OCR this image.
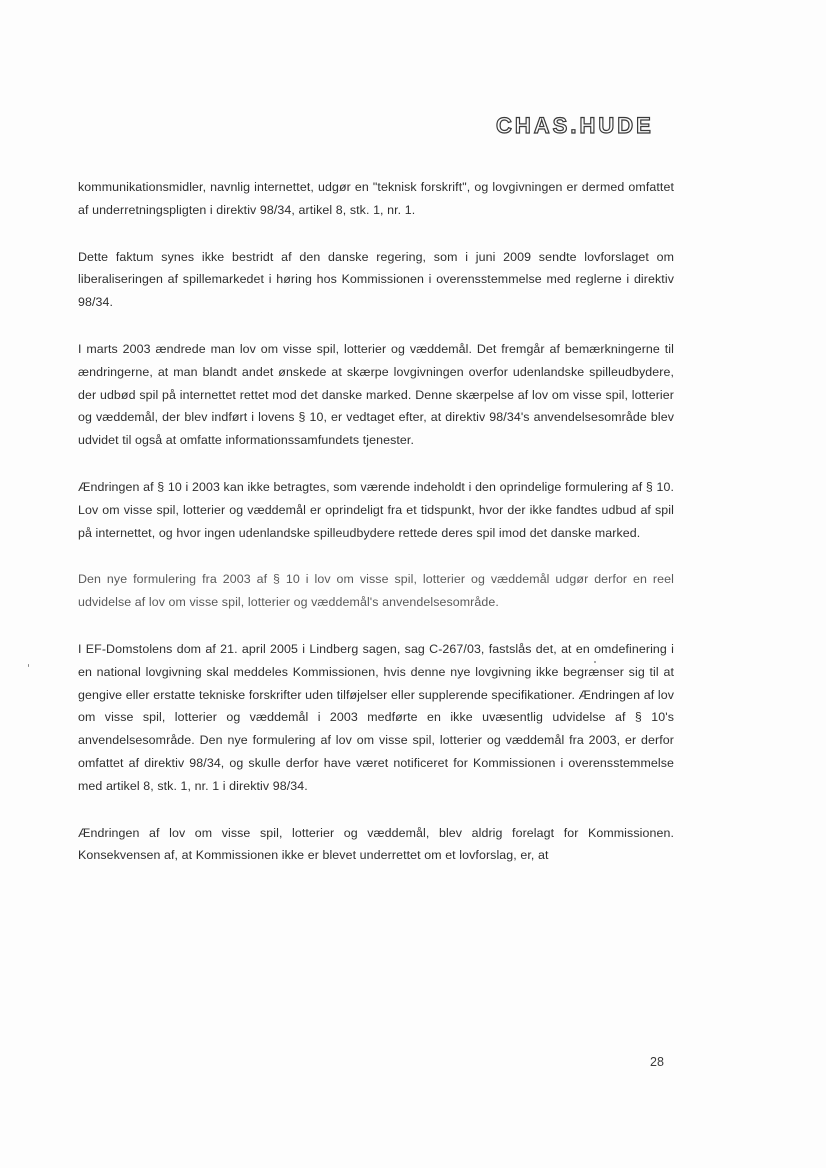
CHAS.HUDE

kommunikationsmidler, navnlig internettet, udgør en "teknisk forskrift", og lovgivningen er dermed omfattet af underretningspligten i direktiv 98/34, artikel 8, stk. 1, nr. 1.

Dette faktum synes ikke bestridt af den danske regering, som i juni 2009 sendte lovforslaget om liberaliseringen af spillemarkedet i høring hos Kommissionen i overensstemmelse med reglerne i direktiv 98/34.

I marts 2003 ændrede man lov om visse spil, lotterier og væddemål. Det fremgår af bemærkningerne til ændringerne, at man blandt andet ønskede at skærpe lovgivningen overfor udenlandske spilleudbydere, der udbød spil på internettet rettet mod det danske marked. Denne skærpelse af lov om visse spil, lotterier og væddemål, der blev indført i lovens § 10, er vedtaget efter, at direktiv 98/34's anvendelsesområde blev udvidet til også at omfatte informationssamfundets tjenester.

Ændringen af § 10 i 2003 kan ikke betragtes, som værende indeholdt i den oprindelige formulering af § 10. Lov om visse spil, lotterier og væddemål er oprindeligt fra et tidspunkt, hvor der ikke fandtes udbud af spil på internettet, og hvor ingen udenlandske spilleudbydere rettede deres spil imod det danske marked.

Den nye formulering fra 2003 af § 10 i lov om visse spil, lotterier og væddemål udgør derfor en reel udvidelse af lov om visse spil, lotterier og væddemål's anvendelsesområde.

I EF-Domstolens dom af 21. april 2005 i Lindberg sagen, sag C-267/03, fastslås det, at en omdefinering i en national lovgivning skal meddeles Kommissionen, hvis denne nye lovgivning ikke begrænser sig til at gengive eller erstatte tekniske forskrifter uden tilføjelser eller supplerende specifikationer. Ændringen af lov om visse spil, lotterier og væddemål i 2003 medførte en ikke uvæsentlig udvidelse af § 10's anvendelsesområde. Den nye formulering af lov om visse spil, lotterier og væddemål fra 2003, er derfor omfattet af direktiv 98/34, og skulle derfor have været notificeret for Kommissionen i overensstemmelse med artikel 8, stk. 1, nr. 1 i direktiv 98/34.

Ændringen af lov om visse spil, lotterier og væddemål, blev aldrig forelagt for Kommissionen. Konsekvensen af, at Kommissionen ikke er blevet underrettet om et lovforslag, er, at

28
